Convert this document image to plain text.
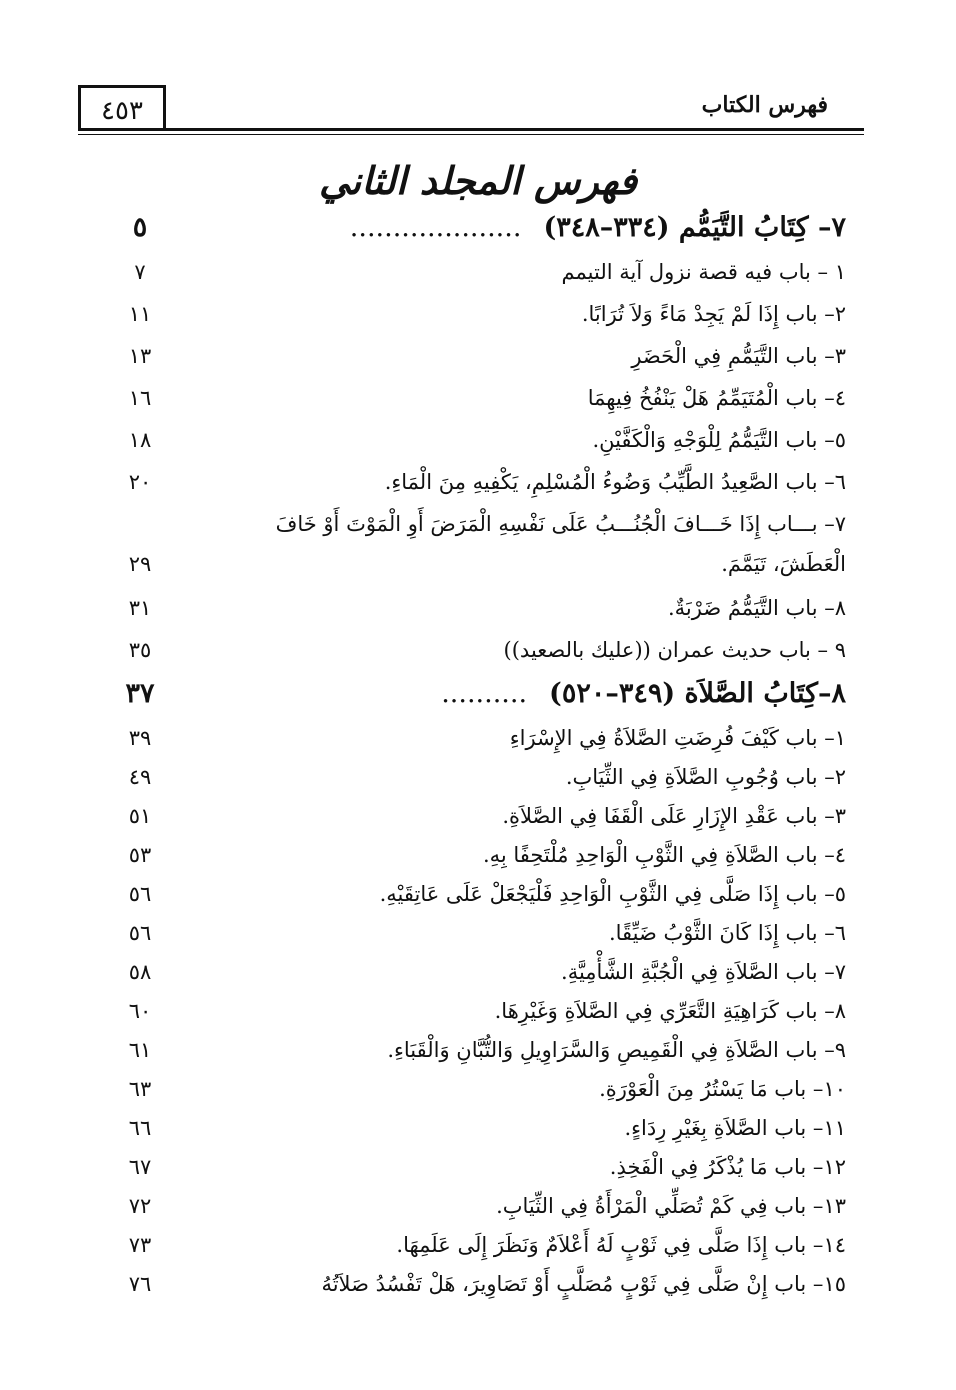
٤٥٣	فهرس الكتاب
فهرس المجلد الثاني
٧– كِتَابُ التَّيَمُّم (٣٣٤–٣٤٨)....................
٥
١ – باب فيه قصة نزول آية التيمم
٧
٢– باب إِذَا لَمْ يَجِدْ مَاءً وَلاَ تُرَابًا.
١١
٣– باب التَّيَمُّمِ فِي الْحَضَرِ
١٣
٤– باب الْمُتَيَمِّمُ هَلْ يَنْفُخُ فِيهِمَا
١٦
٥– باب التَّيَمُّمُ لِلْوَجْهِ وَالْكَفَّيْنِ.
١٨
٦– باب الصَّعِيدُ الطَّيِّبُ وَضُوءُ الْمُسْلِمِ، يَكْفِيهِ مِنَ الْمَاءِ.
٢٠
٧– بـــاب إِذَا خَـــافَ الْجُنُـــبُ عَلَى نَفْسِهِ الْمَرَضَ أَوِ الْمَوْتَ أَوْ خَافَ
الْعَطَشَ، تَيَمَّمَ.
٢٩
٨– باب التَّيَمُّمُ ضَرْبَةٌ.
٣١
٩ – باب حديث عمران ((عليك بالصعيد))
٣٥
٨–كِتَابُ الصَّلاَة (٣٤٩–٥٢٠)..........
٣٧
١– باب كَيْفَ فُرِضَتِ الصَّلاَةُ فِي الإِسْرَاءِ
٣٩
٢– باب وُجُوبِ الصَّلاَةِ فِي الثِّيَابِ.
٤٩
٣– باب عَقْدِ الإِزَارِ عَلَى الْقَفَا فِي الصَّلاَةِ.
٥١
٤– باب الصَّلاَةِ فِي الثَّوْبِ الْوَاحِدِ مُلْتَحِفًا بِهِ.
٥٣
٥– باب إِذَا صَلَّى فِي الثَّوْبِ الْوَاحِدِ فَلْيَجْعَلْ عَلَى عَاتِقَيْهِ.
٥٦
٦– باب إِذَا كَانَ الثَّوْبُ ضَيِّقًا.
٥٦
٧– باب الصَّلاَةِ فِي الْجُبَّةِ الشَّأْمِيَّةِ.
٥٨
٨– باب كَرَاهِيَةِ التَّعَرِّي فِي الصَّلاَةِ وَغَيْرِهَا.
٦٠
٩– باب الصَّلاَةِ فِي الْقَمِيصِ وَالسَّرَاوِيلِ وَالتُّبَّانِ وَالْقَبَاءِ.
٦١
١٠– باب مَا يَسْتُرُ مِنَ الْعَوْرَةِ.
٦٣
١١– باب الصَّلاَةِ بِغَيْرِ رِدَاءٍ.
٦٦
١٢– باب مَا يُذْكَرُ فِي الْفَخِذِ.
٦٧
١٣– باب فِي كَمْ تُصَلِّي الْمَرْأَةُ فِي الثِّيَابِ.
٧٢
١٤– باب إِذَا صَلَّى فِي ثَوْبٍ لَهُ أَعْلاَمٌ وَنَظَرَ إِلَى عَلَمِهَا.
٧٣
١٥– باب إِنْ صَلَّى فِي ثَوْبٍ مُصَلَّبٍ أَوْ تَصَاوِيرَ، هَلْ تَفْسُدُ صَلاَتُهُ
٧٦
